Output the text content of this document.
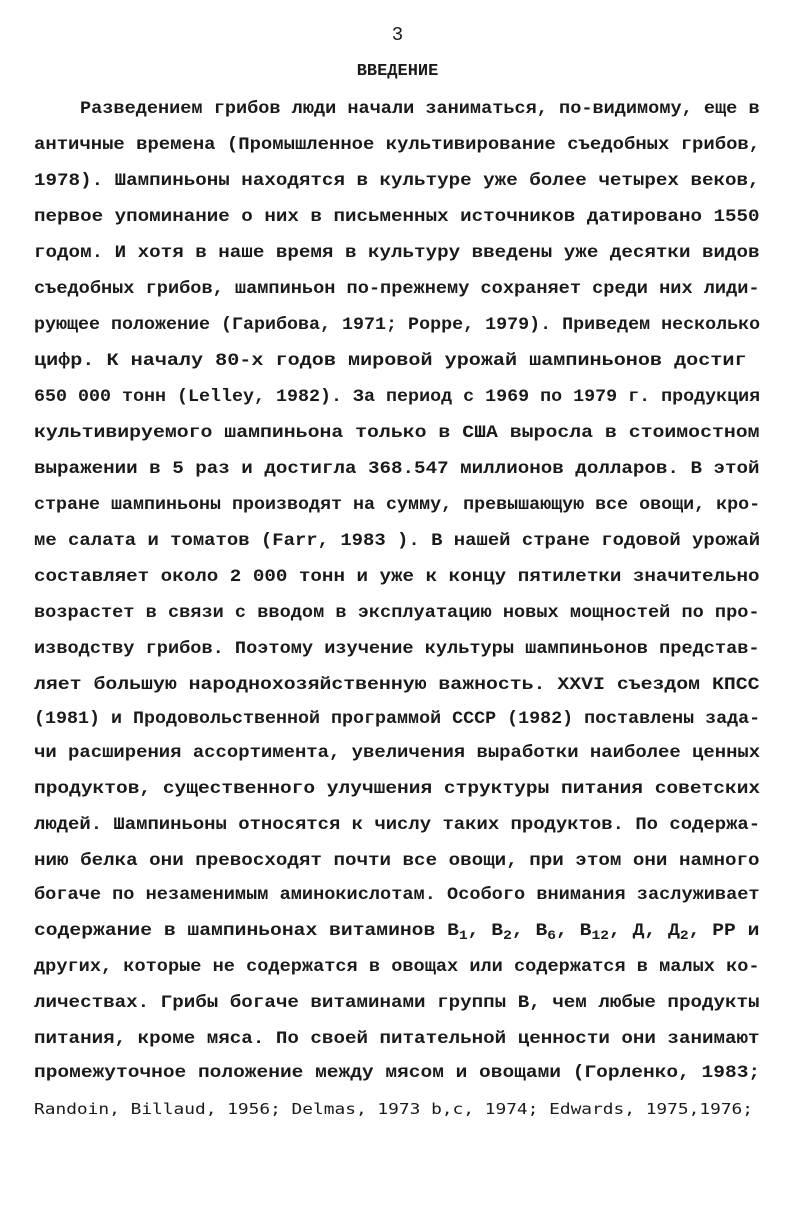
3
ВВЕДЕНИЕ
Разведением грибов люди начали заниматься, по-видимому, еще в
античные времена (Промышленное культивирование съедобных грибов,
1978). Шампиньоны находятся в культуре уже более четырех веков,
первое упоминание о них в письменных источников датировано 1550
годом. И хотя в наше время в культуру введены уже десятки видов
съедобных грибов, шампиньон по-прежнему сохраняет среди них лиди-
рующее положение (Гарибова, 1971; Poppe, 1979). Приведем несколько
цифр. К началу 80-х годов мировой урожай шампиньонов достиг
650 000 тонн (Lelley, 1982). За период с 1969 по 1979 г. продукция
культивируемого шампиньона только в США выросла в стоимостном
выражении в 5 раз и достигла 368.547 миллионов долларов. В этой
стране шампиньоны производят на сумму, превышающую все овощи, кро-
ме салата и томатов (Farr, 1983 ). В нашей стране годовой урожай
составляет около 2 000 тонн и уже к концу пятилетки значительно
возрастет в связи с вводом в эксплуатацию новых мощностей по про-
изводству грибов. Поэтому изучение культуры шампиньонов представ-
ляет большую народнохозяйственную важность. XXVI съездом КПСС
(1981) и Продовольственной программой СССР (1982) поставлены зада-
чи расширения ассортимента, увеличения выработки наиболее ценных
продуктов, существенного улучшения структуры питания советских
людей. Шампиньоны относятся к числу таких продуктов. По содержа-
нию белка они превосходят почти все овощи, при этом они намного
богаче по незаменимым аминокислотам. Особого внимания заслуживает
содержание в шампиньонах витаминов $B_1$, $B_2$, $B_6$, $B_{12}$, Д, $Д_2$, PP и
других, которые не содержатся в овощах или содержатся в малых ко-
личествах. Грибы богаче витаминами группы B, чем любые продукты
питания, кроме мяса. По своей питательной ценности они занимают
промежуточное положение между мясом и овощами (Горленко, 1983;
Randoin, Billaud, 1956; Delmas, 1973 b,c, 1974; Edwards, 1975,1976;
